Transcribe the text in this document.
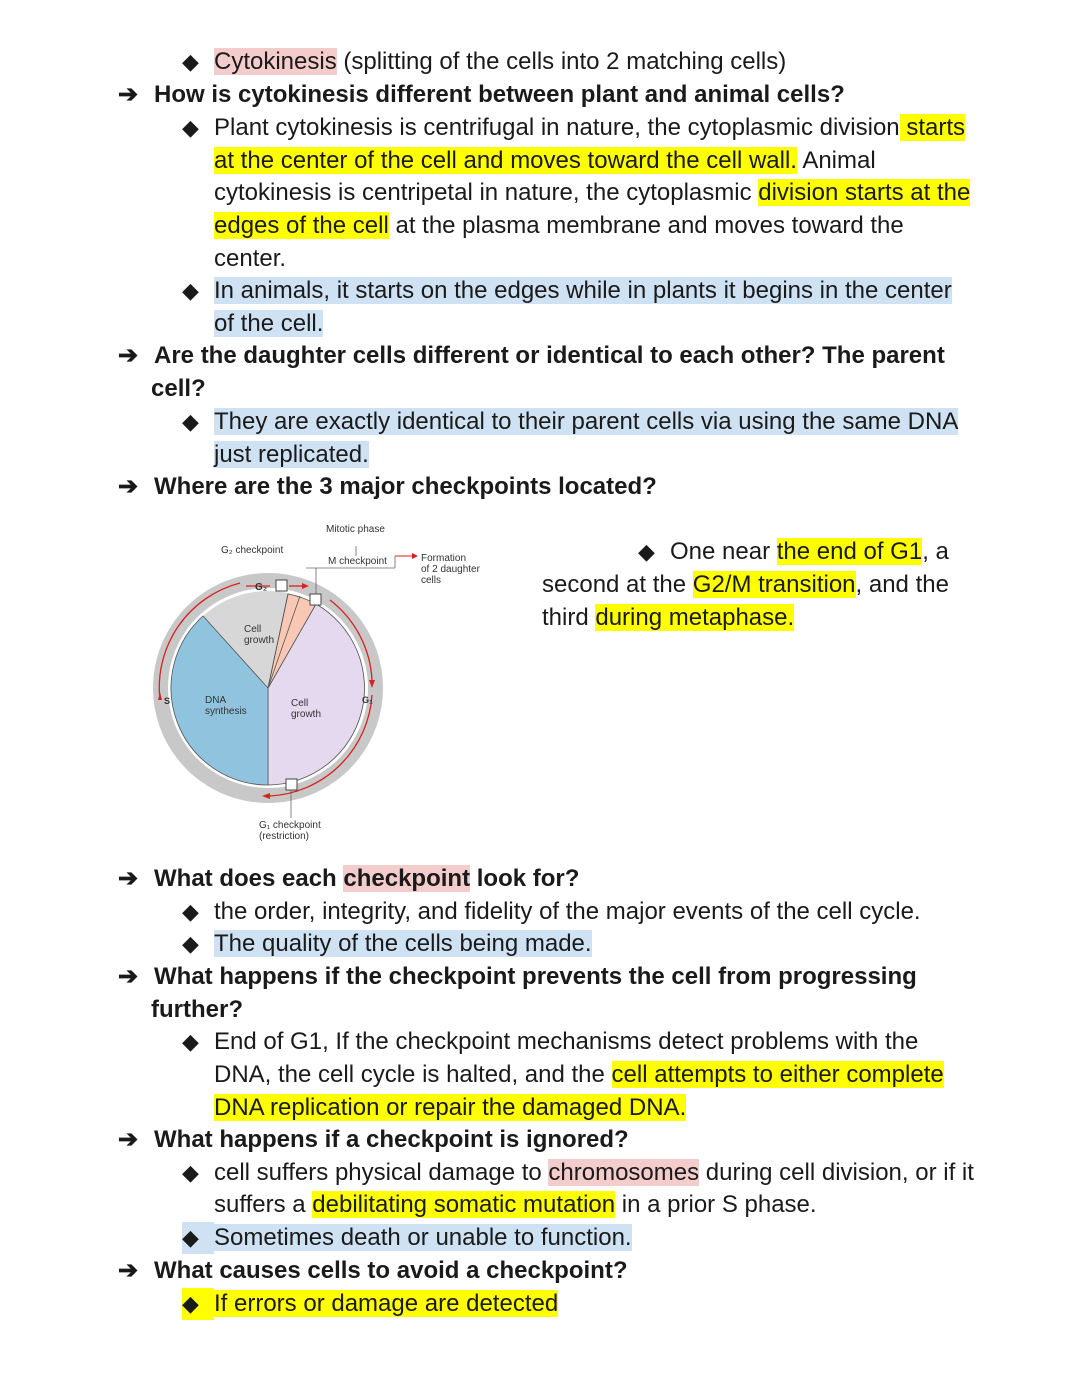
◆ Cytokinesis (splitting of the cells into 2 matching cells)
➔ How is cytokinesis different between plant and animal cells?
◆ Plant cytokinesis is centrifugal in nature, the cytoplasmic division starts
at the center of the cell and moves toward the cell wall. Animal
cytokinesis is centripetal in nature, the cytoplasmic division starts at the
edges of the cell at the plasma membrane and moves toward the
center.
◆ In animals, it starts on the edges while in plants it begins in the center
of the cell.
➔ Are the daughter cells different or identical to each other? The parent
cell?
◆ They are exactly identical to their parent cells via using the same DNA
just replicated.
➔ Where are the 3 major checkpoints located?
Mitotic phase
G₂ checkpoint
M checkpoint	Formation
of 2 daughter
cells
G₂
Cell
growth
DNA
synthesis
Cell
growth
S	G₁
G₁ checkpoint
(restriction)
◆ One near the end of G1, a
second at the G2/M transition, and the
third during metaphase.
➔ What does each checkpoint look for?
◆ the order, integrity, and fidelity of the major events of the cell cycle.
◆ The quality of the cells being made.
➔ What happens if the checkpoint prevents the cell from progressing
further?
◆ End of G1, If the checkpoint mechanisms detect problems with the
DNA, the cell cycle is halted, and the cell attempts to either complete
DNA replication or repair the damaged DNA.
➔ What happens if a checkpoint is ignored?
◆ cell suffers physical damage to chromosomes during cell division, or if it
suffers a debilitating somatic mutation in a prior S phase.
◆ Sometimes death or unable to function.
➔ What causes cells to avoid a checkpoint?
◆ If errors or damage are detected
